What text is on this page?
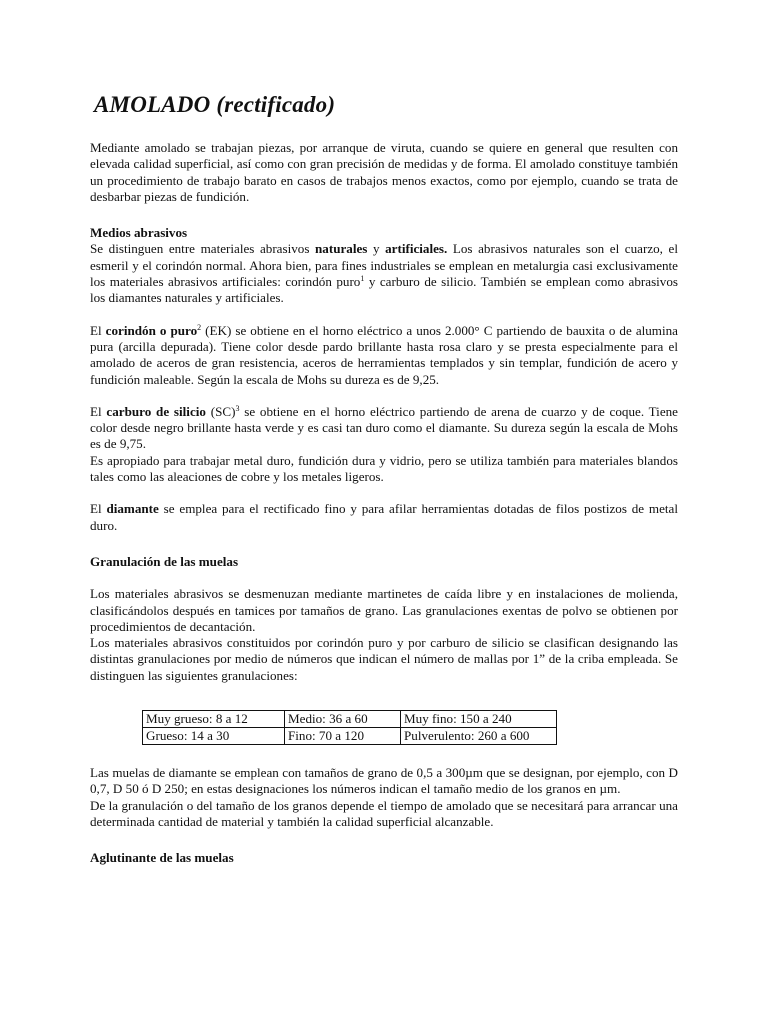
AMOLADO (rectificado)

Mediante amolado se trabajan piezas, por arranque de viruta, cuando se quiere en general que resulten con elevada calidad superficial, así como con gran precisión de medidas y de forma. El amolado constituye también un procedimiento de trabajo barato en casos de trabajos menos exactos, como por ejemplo, cuando se trata de desbarbar piezas de fundición.

Medios abrasivos

Se distinguen entre materiales abrasivos naturales y artificiales. Los abrasivos naturales son el cuarzo, el esmeril y el corindón normal. Ahora bien, para fines industriales se emplean en metalurgia casi exclusivamente los materiales abrasivos artificiales: corindón puro$^1$ y carburo de silicio. También se emplean como abrasivos los diamantes naturales y artificiales.

El corindón o puro$^2$ (EK) se obtiene en el horno eléctrico a unos 2.000° C partiendo de bauxita o de alumina pura (arcilla depurada). Tiene color desde pardo brillante hasta rosa claro y se presta especialmente para el amolado de aceros de gran resistencia, aceros de herramientas templados y sin templar, fundición de acero y fundición maleable. Según la escala de Mohs su dureza es de 9,25.

El carburo de silicio (SC)$^3$ se obtiene en el horno eléctrico partiendo de arena de cuarzo y de coque. Tiene color desde negro brillante hasta verde y es casi tan duro como el diamante. Su dureza según la escala de Mohs es de 9,75.

Es apropiado para trabajar metal duro, fundición dura y vidrio, pero se utiliza también para materiales blandos tales como las aleaciones de cobre y los metales ligeros.

El diamante se emplea para el rectificado fino y para afilar herramientas dotadas de filos postizos de metal duro.

Granulación de las muelas

Los materiales abrasivos se desmenuzan mediante martinetes de caída libre y en instalaciones de molienda, clasificándolos después en tamices por tamaños de grano. Las granulaciones exentas de polvo se obtienen por procedimientos de decantación.

Los materiales abrasivos constituidos por corindón puro y por carburo de silicio se clasifican designando las distintas granulaciones por medio de números que indican el número de mallas por 1” de la criba empleada. Se distinguen las siguientes granulaciones:

Muy grueso: 8 a 12	Medio: 36 a 60	Muy fino: 150 a 240
Grueso: 14 a 30	Fino: 70 a 120	Pulverulento: 260 a 600

Las muelas de diamante se emplean con tamaños de grano de 0,5 a 300µm que se designan, por ejemplo, con D 0,7, D 50 ó D 250; en estas designaciones los números indican el tamaño medio de los granos en µm.

De la granulación o del tamaño de los granos depende el tiempo de amolado que se necesitará para arrancar una determinada cantidad de material y también la calidad superficial alcanzable.

Aglutinante de las muelas
